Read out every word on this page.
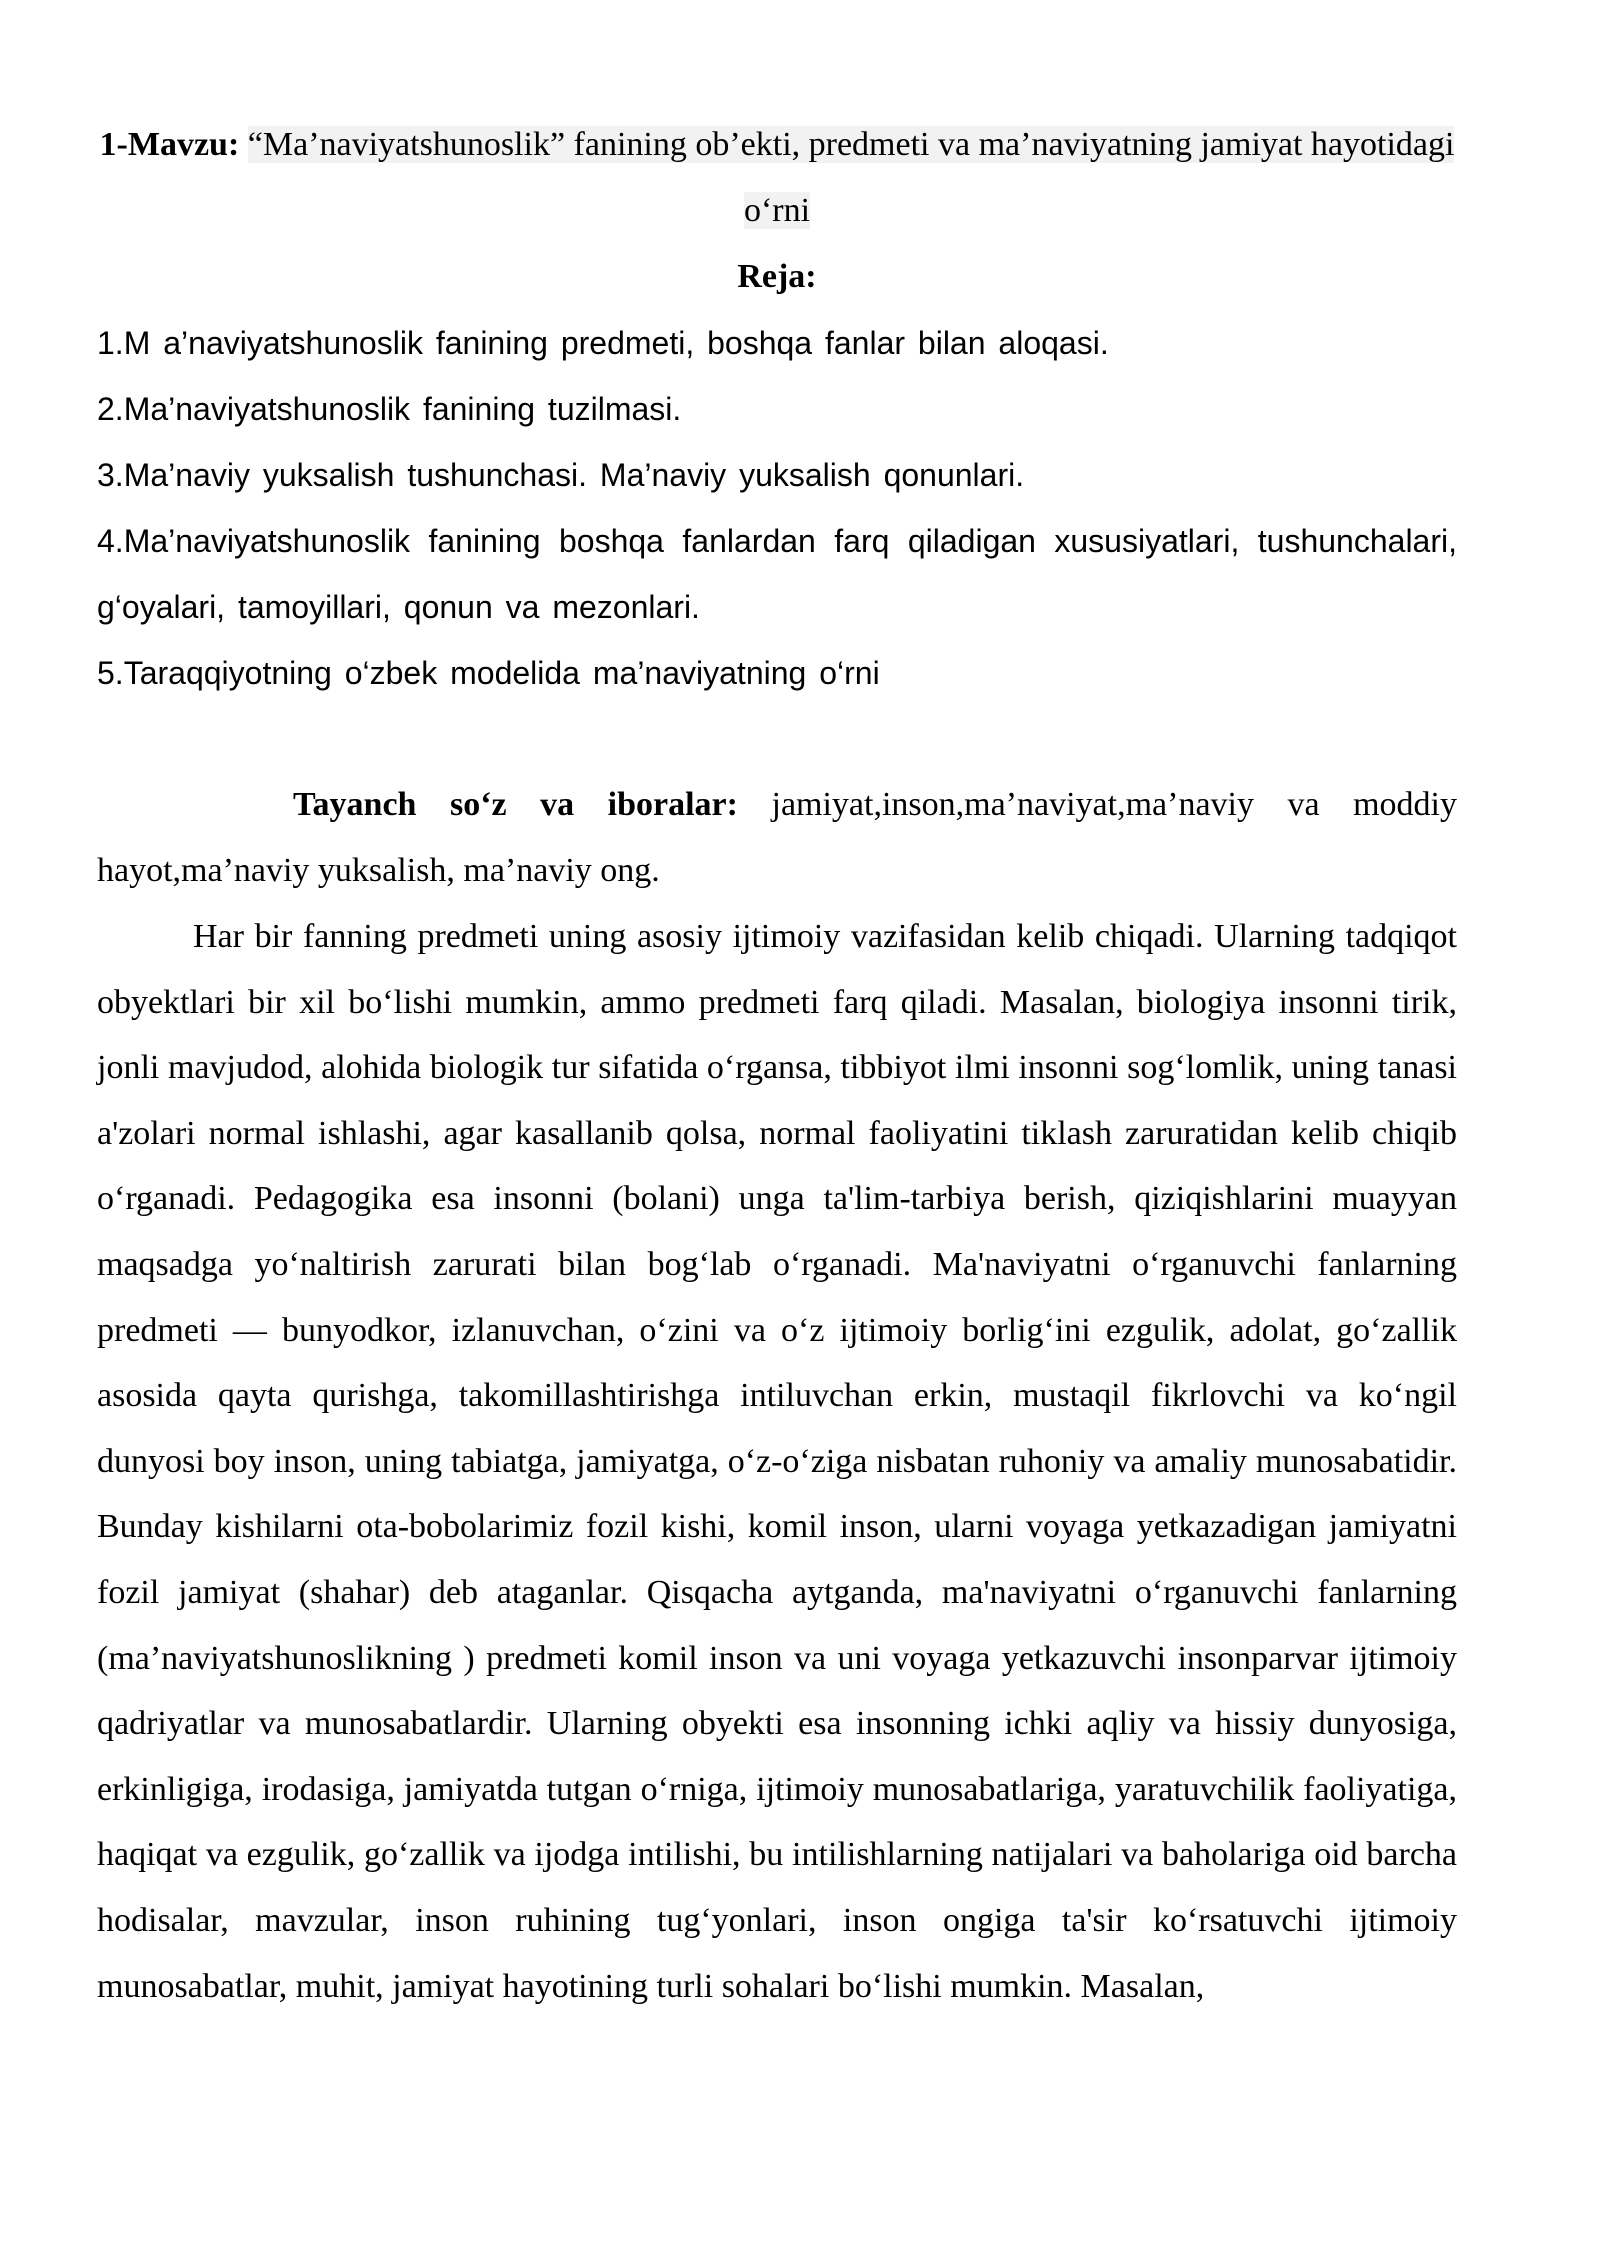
1-Mavzu: “Ma’naviyatshunoslik” fanining ob’ekti, predmeti va ma’naviyatning jamiyat hayotidagi o‘rni
Reja:
1.M a’naviyatshunoslik fanining predmeti, boshqa fanlar bilan aloqasi.
2.Ma’naviyatshunoslik fanining tuzilmasi.
3.Ma’naviy yuksalish tushunchasi. Ma’naviy yuksalish qonunlari.
4.Ma’naviyatshunoslik fanining boshqa fanlardan farq qiladigan xususiyatlari, tushunchalari, g‘oyalari, tamoyillari, qonun va mezonlari.
5.Taraqqiyotning o‘zbek modelida ma’naviyatning o‘rni

Tayanch so‘z va iboralar: jamiyat,inson,ma’naviyat,ma’naviy va moddiy hayot,ma’naviy yuksalish, ma’naviy ong.

Har bir fanning predmeti uning asosiy ijtimoiy vazifasidan kelib chiqadi. Ularning tadqiqot obyektlari bir xil bo‘lishi mumkin, ammo predmeti farq qiladi. Masalan, biologiya insonni tirik, jonli mavjudod, alohida biologik tur sifatida o‘rgansa, tibbiyot ilmi insonni sog‘lomlik, uning tanasi a'zolari normal ishlashi, agar kasallanib qolsa, normal faoliyatini tiklash zaruratidan kelib chiqib o‘rganadi. Pedagogika esa insonni (bolani) unga ta'lim-tarbiya berish, qiziqishlarini muayyan maqsadga yo‘naltirish zarurati bilan bog‘lab o‘rganadi. Ma'naviyatni o‘rganuvchi fanlarning predmeti — bunyodkor, izlanuvchan, o‘zini va o‘z ijtimoiy borlig‘ini ezgulik, adolat, go‘zallik asosida qayta qurishga, takomillashtirishga intiluvchan erkin, mustaqil fikrlovchi va ko‘ngil dunyosi boy inson, uning tabiatga, jamiyatga, o‘z-o‘ziga nisbatan ruhoniy va amaliy munosabatidir. Bunday kishilarni ota-bobolarimiz fozil kishi, komil inson, ularni voyaga yetkazadigan jamiyatni fozil jamiyat (shahar) deb ataganlar. Qisqacha aytganda, ma'naviyatni o‘rganuvchi fanlarning (ma’naviyatshunoslikning ) predmeti komil inson va uni voyaga yetkazuvchi insonparvar ijtimoiy qadriyatlar va munosabatlardir. Ularning obyekti esa insonning ichki aqliy va hissiy dunyosiga, erkinligiga, irodasiga, jamiyatda tutgan o‘rniga, ijtimoiy munosabatlariga, yaratuvchilik faoliyatiga, haqiqat va ezgulik, go‘zallik va ijodga intilishi, bu intilishlarning natijalari va baholariga oid barcha hodisalar, mavzular, inson ruhining tug‘yonlari, inson ongiga ta'sir ko‘rsatuvchi ijtimoiy munosabatlar, muhit, jamiyat hayotining turli sohalari bo‘lishi mumkin. Masalan,
